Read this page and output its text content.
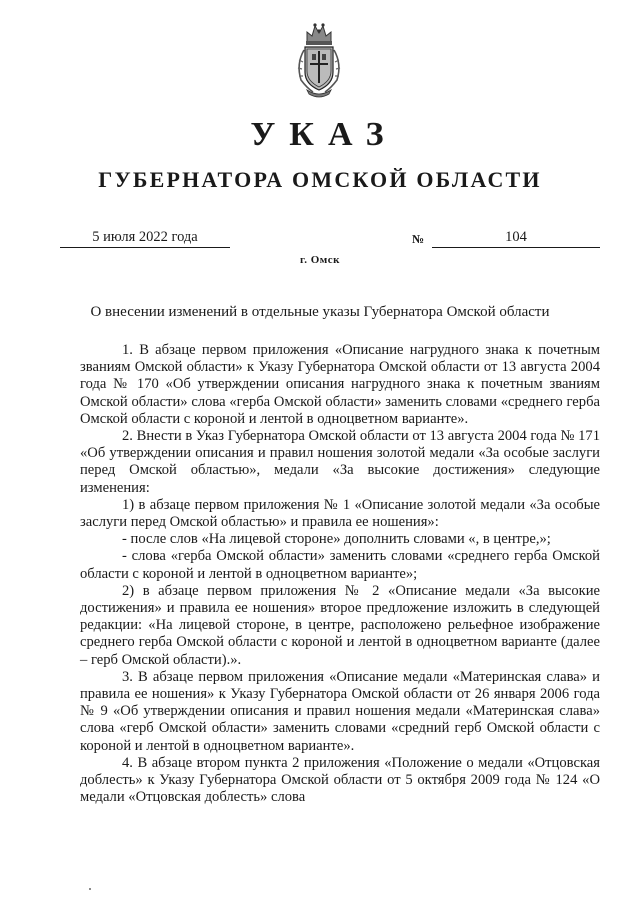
УКАЗ
ГУБЕРНАТОРА ОМСКОЙ ОБЛАСТИ
5 июля 2022 года	№	104
г. Омск
О внесении изменений в отдельные указы Губернатора Омской области

1. В абзаце первом приложения «Описание нагрудного знака к почетным званиям Омской области» к Указу Губернатора Омской области от 13 августа 2004 года № 170 «Об утверждении описания нагрудного знака к почетным званиям Омской области» слова «герба Омской области» заменить словами «среднего герба Омской области с короной и лентой в одноцветном варианте».

2. Внести в Указ Губернатора Омской области от 13 августа 2004 года № 171 «Об утверждении описания и правил ношения золотой медали «За особые заслуги перед Омской областью», медали «За высокие достижения» следующие изменения:

1) в абзаце первом приложения № 1 «Описание золотой медали «За особые заслуги перед Омской областью» и правила ее ношения»:

- после слов «На лицевой стороне» дополнить словами «, в центре,»;

- слова «герба Омской области» заменить словами «среднего герба Омской области с короной и лентой в одноцветном варианте»;

2) в абзаце первом приложения № 2 «Описание медали «За высокие достижения» и правила ее ношения» второе предложение изложить в следующей редакции: «На лицевой стороне, в центре, расположено рельефное изображение среднего герба Омской области с короной и лентой в одноцветном варианте (далее – герб Омской области).».

3. В абзаце первом приложения «Описание медали «Материнская слава» и правила ее ношения» к Указу Губернатора Омской области от 26 января 2006 года № 9 «Об утверждении описания и правил ношения медали «Материнская слава» слова «герб Омской области» заменить словами «средний герб Омской области с короной и лентой в одноцветном варианте».

4. В абзаце втором пункта 2 приложения «Положение о медали «Отцовская доблесть» к Указу Губернатора Омской области от 5 октября 2009 года № 124 «О медали «Отцовская доблесть» слова
